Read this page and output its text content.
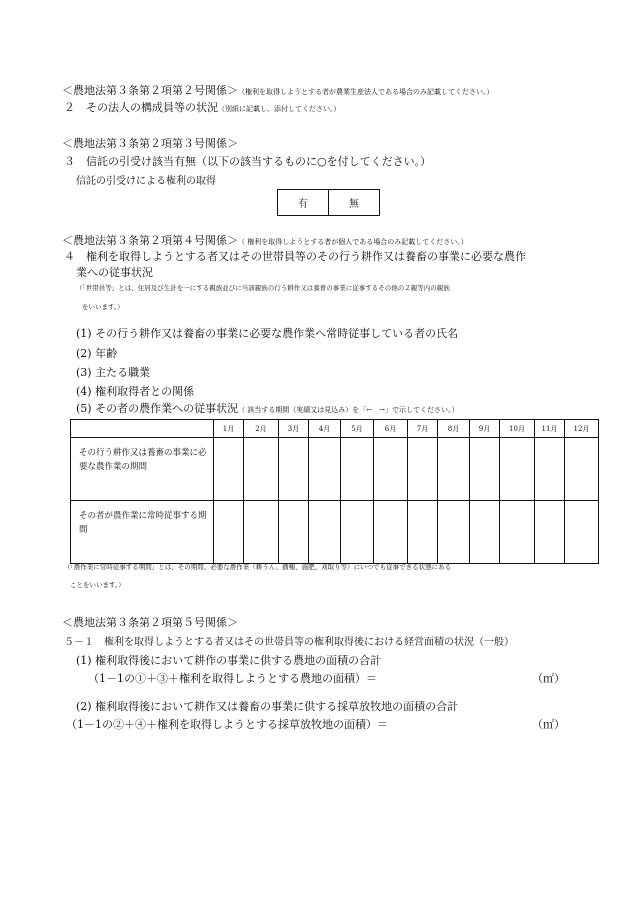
＜農地法第３条第２項第２号関係＞（権利を取得しようとする者が農業生産法人である場合のみ記載してください。）
２　その法人の構成員等の状況（別紙に記載し、添付してください。）
＜農地法第３条第２項第３号関係＞
３　信託の引受け該当有無（以下の該当するものに○を付してください。）
信託の引受けによる権利の取得
有	無
＜農地法第３条第２項第４号関係＞（ 権利を取得しようとする者が個人である場合のみ記載してください。）
４　権利を取得しようとする者又はその世帯員等のその行う耕作又は養畜の事業に必要な農作
業への従事状況
（「世帯員等」とは、住居及び生計を一にする親族並びに当該親族の行う耕作又は養畜の事業に従事するその他の２親等内の親族
をいいます。）
(1) その行う耕作又は養畜の事業に必要な農作業へ常時従事している者の氏名
(2) 年齢
(3) 主たる職業
(4) 権利取得者との関係
(5) その者の農作業への従事状況（ 該当する期間（実績又は見込み）を「←　→」で示してください。）
	1月	2月	3月	4月	5月	6月	7月	8月	9月	10月	11月	12月
その行う耕作又は養畜の事業に必要な農作業の期間												
その者が農作業に常時従事する期間												
（「農作業に常時従事する期間」とは、その期間、必要な農作業（耕うん、播種、施肥、刈取り等）にいつでも従事できる状態にある
ことをいいます。）
＜農地法第３条第２項第５号関係＞
５－１　権利を取得しようとする者又はその世帯員等の権利取得後における経営面積の状況（一般）
(1) 権利取得後において耕作の事業に供する農地の面積の合計
（1－1の①＋③＋権利を取得しようとする農地の面積）＝	（㎡）
(2) 権利取得後において耕作又は養畜の事業に供する採草放牧地の面積の合計
（1－1の②＋④＋権利を取得しようとする採草放牧地の面積）＝	（㎡）
